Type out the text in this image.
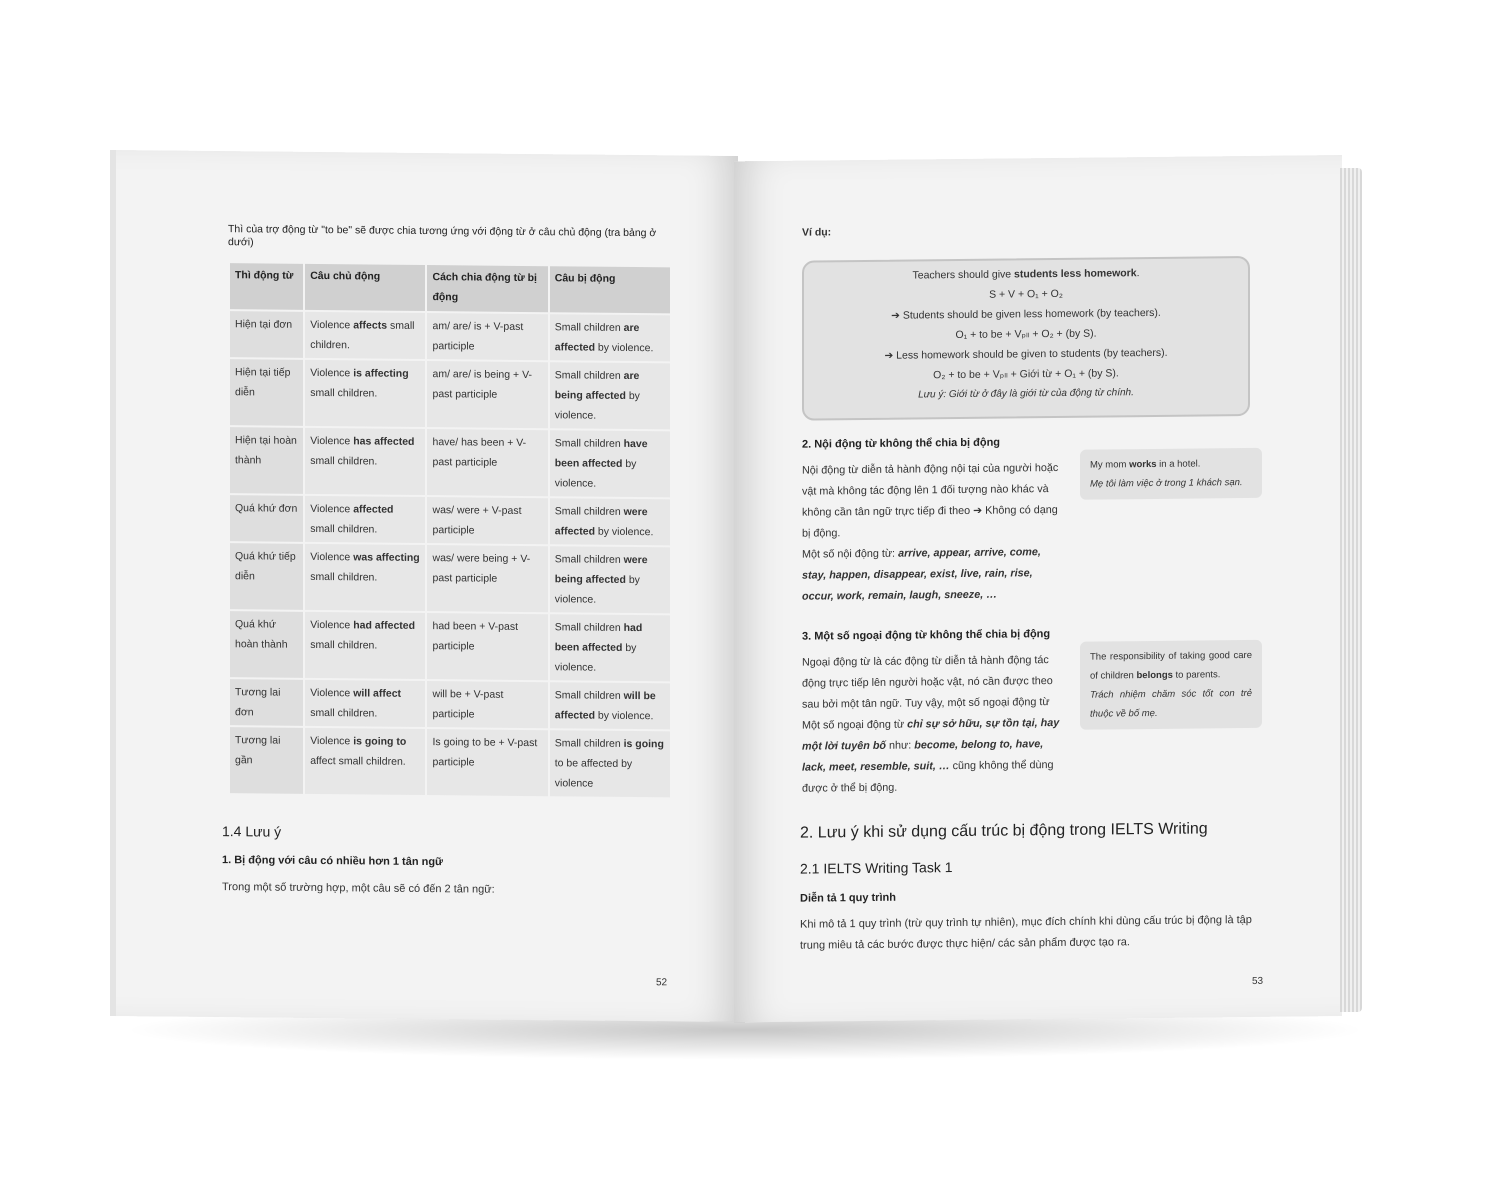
Thì của trợ động từ "to be" sẽ được chia tương ứng với động từ ở câu chủ động (tra bảng ở dưới)
Thì động từ	Câu chủ động	Cách chia động từ bị động	Câu bị động
Hiện tại đơn	Violence affects small children.	am/ are/ is + V-past participle	Small children are affected by violence.
Hiện tại tiếp diễn	Violence is affecting small children.	am/ are/ is being + V-past participle	Small children are being affected by violence.
Hiện tại hoàn thành	Violence has affected small children.	have/ has been + V-past participle	Small children have been affected by violence.
Quá khứ đơn	Violence affected small children.	was/ were + V-past participle	Small children were affected by violence.
Quá khứ tiếp diễn	Violence was affecting small children.	was/ were being + V-past participle	Small children were being affected by violence.
Quá khứ hoàn thành	Violence had affected small children.	had been + V-past participle	Small children had been affected by violence.
Tương lai đơn	Violence will affect small children.	will be + V-past participle	Small children will be affected by violence.
Tương lai gần	Violence is going to affect small children.	Is going to be + V-past participle	Small children is going to be affected by violence
1.4 Lưu ý
1. Bị động với câu có nhiều hơn 1 tân ngữ
Trong một số trường hợp, một câu sẽ có đến 2 tân ngữ:
52
Ví dụ:
Teachers should give students less homework.
S + V + O₁ + O₂
➔ Students should be given less homework (by teachers).
O₁ + to be + Vₚₗₗ + O₂ + (by S).
➔ Less homework should be given to students (by teachers).
O₂ + to be + Vₚₗₗ + Giới từ + O₁ + (by S).
Lưu ý: Giới từ ở đây là giới từ của động từ chính.
2. Nội động từ không thể chia bị động
Nội động từ diễn tả hành động nội tại của người hoặc vật mà không tác động lên 1 đối tượng nào khác và không cần tân ngữ trực tiếp đi theo ➔ Không có dạng bị động.
Một số nội động từ: arrive, appear, arrive, come, stay, happen, disappear, exist, live, rain, rise, occur, work, remain, laugh, sneeze, …
My mom works in a hotel.
Mẹ tôi làm việc ở trong 1 khách sạn.
3. Một số ngoại động từ không thể chia bị động
Ngoại động từ là các động từ diễn tả hành động tác động trực tiếp lên người hoặc vật, nó cần được theo sau bởi một tân ngữ. Tuy vậy, một số ngoại động từ
Một số ngoại động từ chỉ sự sở hữu, sự tồn tại, hay một lời tuyên bố như: become, belong to, have, lack, meet, resemble, suit, … cũng không thể dùng được ở thể bị động.
The responsibility of taking good care of children belongs to parents.
Trách nhiệm chăm sóc tốt con trẻ thuộc về bố mẹ.
2. Lưu ý khi sử dụng cấu trúc bị động trong IELTS Writing
2.1 IELTS Writing Task 1
Diễn tả 1 quy trình
Khi mô tả 1 quy trình (trừ quy trình tự nhiên), mục đích chính khi dùng cấu trúc bị động là tập trung miêu tả các bước được thực hiện/ các sản phẩm được tạo ra.
53
